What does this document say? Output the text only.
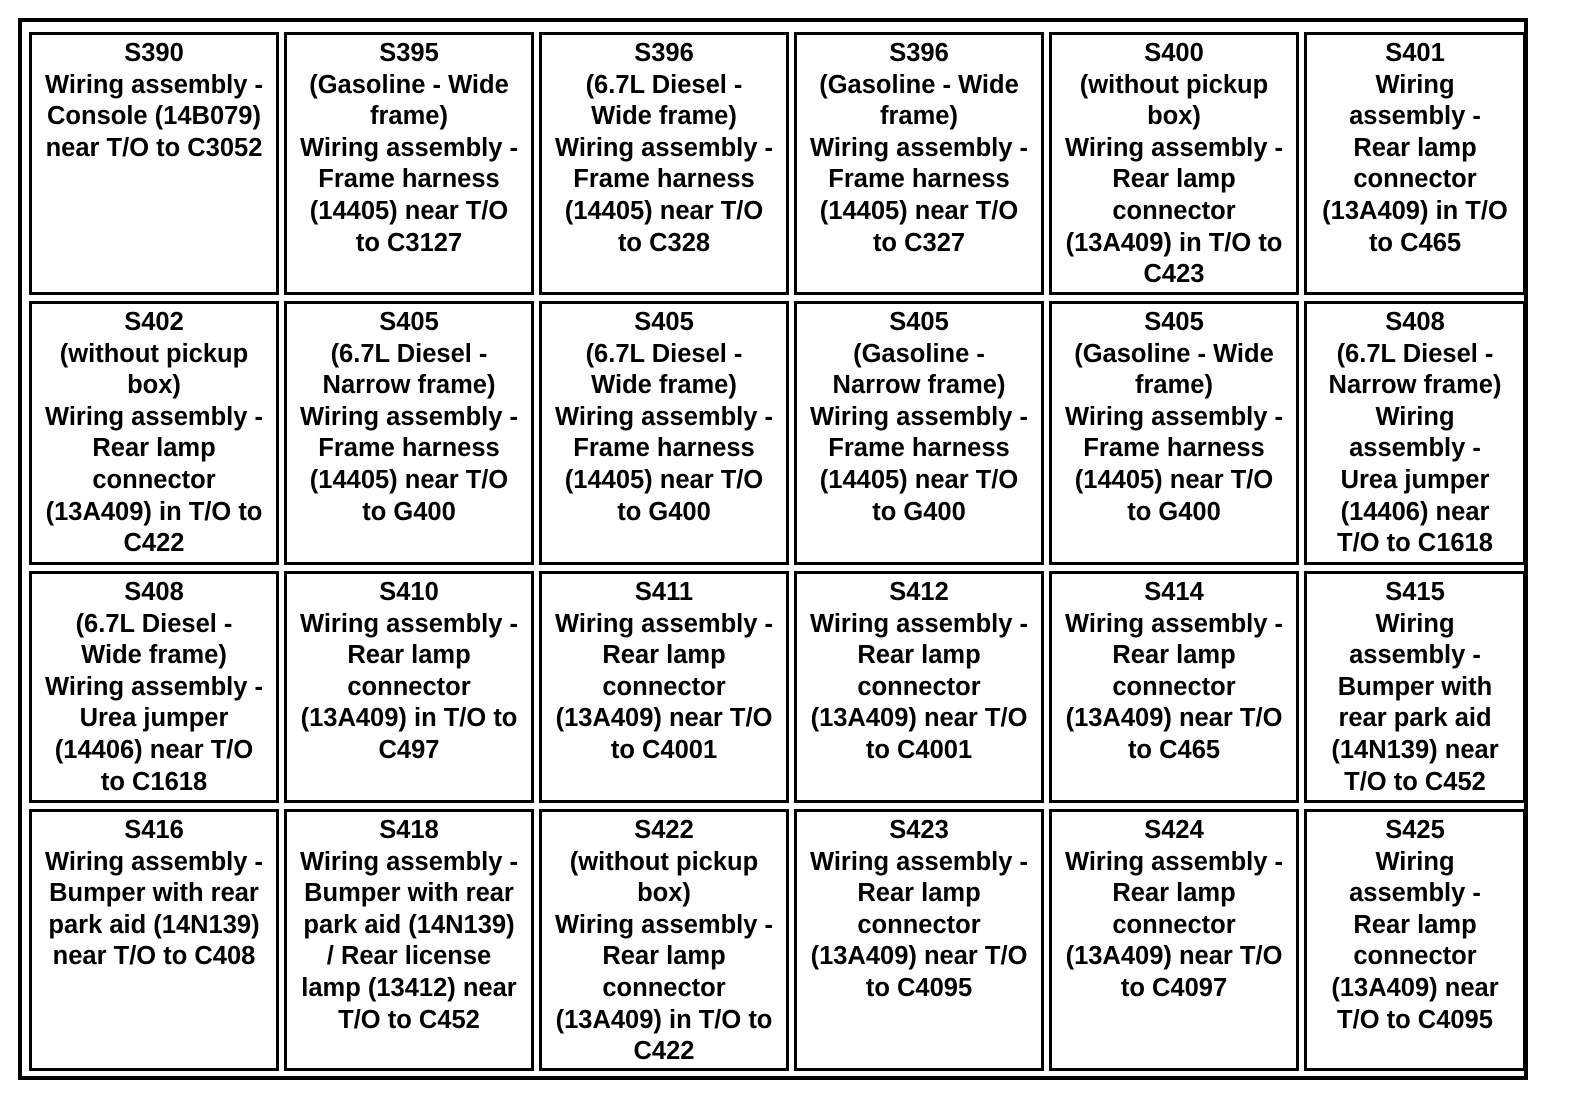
S390
Wiring assembly -
Console (14B079)
near T/O to C3052
S395
(Gasoline - Wide
frame)
Wiring assembly -
Frame harness
(14405) near T/O
to C3127
S396
(6.7L Diesel -
Wide frame)
Wiring assembly -
Frame harness
(14405) near T/O
to C328
S396
(Gasoline - Wide
frame)
Wiring assembly -
Frame harness
(14405) near T/O
to C327
S400
(without pickup
box)
Wiring assembly -
Rear lamp
connector
(13A409) in T/O to
C423
S401
Wiring
assembly -
Rear lamp
connector
(13A409) in T/O
to C465
S402
(without pickup
box)
Wiring assembly -
Rear lamp
connector
(13A409) in T/O to
C422
S405
(6.7L Diesel -
Narrow frame)
Wiring assembly -
Frame harness
(14405) near T/O
to G400
S405
(6.7L Diesel -
Wide frame)
Wiring assembly -
Frame harness
(14405) near T/O
to G400
S405
(Gasoline -
Narrow frame)
Wiring assembly -
Frame harness
(14405) near T/O
to G400
S405
(Gasoline - Wide
frame)
Wiring assembly -
Frame harness
(14405) near T/O
to G400
S408
(6.7L Diesel -
Narrow frame)
Wiring
assembly -
Urea jumper
(14406) near
T/O to C1618
S408
(6.7L Diesel -
Wide frame)
Wiring assembly -
Urea jumper
(14406) near T/O
to C1618
S410
Wiring assembly -
Rear lamp
connector
(13A409) in T/O to
C497
S411
Wiring assembly -
Rear lamp
connector
(13A409) near T/O
to C4001
S412
Wiring assembly -
Rear lamp
connector
(13A409) near T/O
to C4001
S414
Wiring assembly -
Rear lamp
connector
(13A409) near T/O
to C465
S415
Wiring
assembly -
Bumper with
rear park aid
(14N139) near
T/O to C452
S416
Wiring assembly -
Bumper with rear
park aid (14N139)
near T/O to C408
S418
Wiring assembly -
Bumper with rear
park aid (14N139)
/ Rear license
lamp (13412) near
T/O to C452
S422
(without pickup
box)
Wiring assembly -
Rear lamp
connector
(13A409) in T/O to
C422
S423
Wiring assembly -
Rear lamp
connector
(13A409) near T/O
to C4095
S424
Wiring assembly -
Rear lamp
connector
(13A409) near T/O
to C4097
S425
Wiring
assembly -
Rear lamp
connector
(13A409) near
T/O to C4095
